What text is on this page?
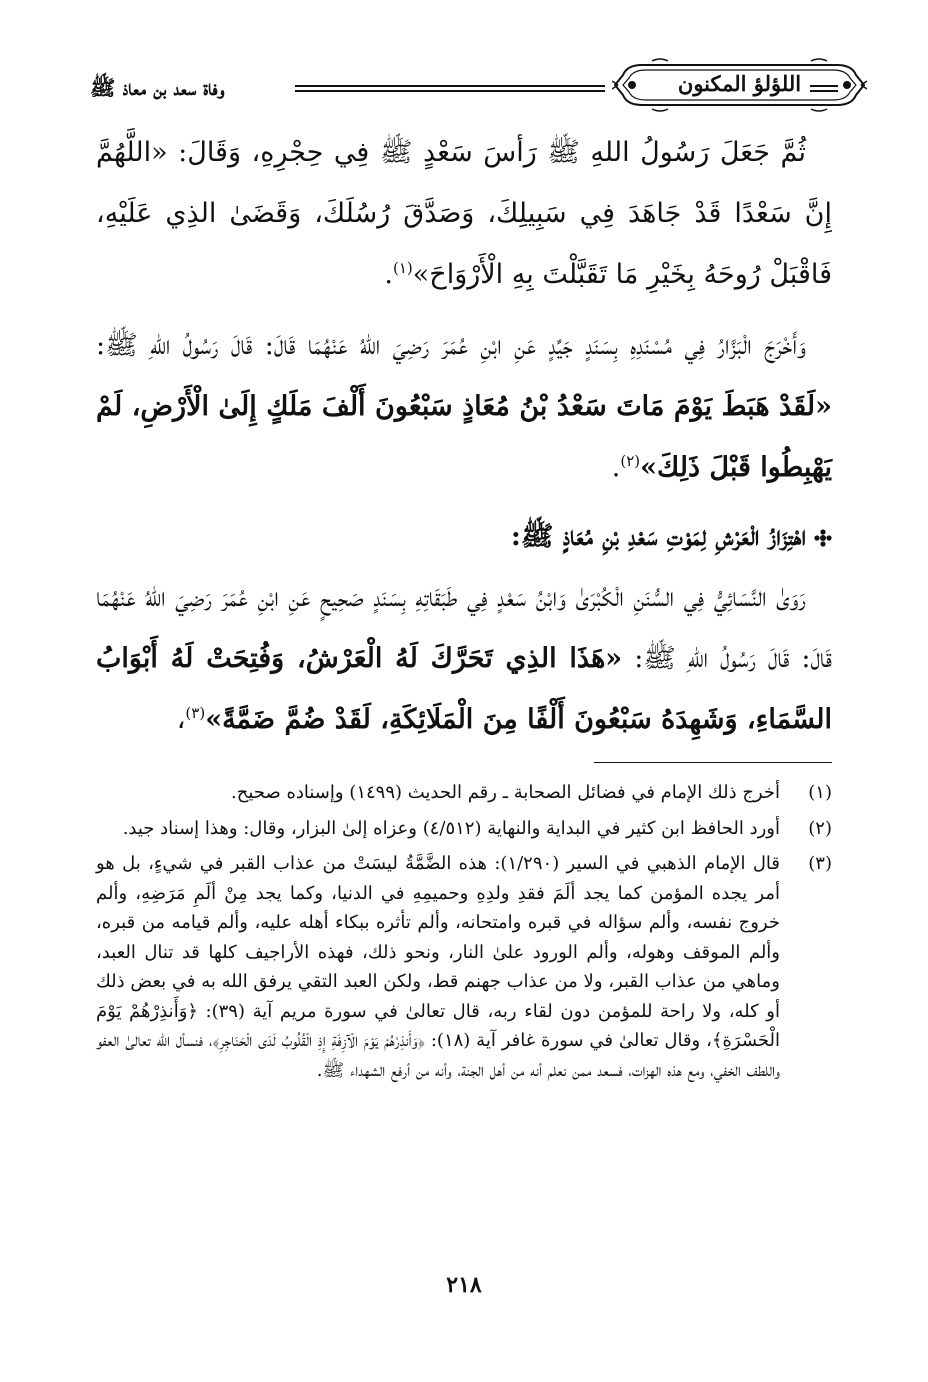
وفاة سعد بن معاذ ﷺ	اللؤلؤ المكنون

ثُمَّ جَعَلَ رَسُولُ اللهِ ﷺ رَأسَ سَعْدٍ ﷺ فِي حِجْرِهِ، وَقَالَ: «اللَّهُمَّ إِنَّ سَعْدًا قَدْ جَاهَدَ فِي سَبِيلِكَ، وَصَدَّقَ رُسُلَكَ، وَقَضَىٰ الذِي عَلَيْهِ، فَاقْبَلْ رُوحَهُ بِخَيْرِ مَا تَقَبَّلْتَ بِهِ الْأَرْوَاحَ»$^{(١)}$.

وَأَخْرَجَ الْبَزَّارُ فِي مُسْنَدِهِ بِسَنَدٍ جَيِّدٍ عَنِ ابْنِ عُمَرَ رَضِيَ اللهُ عَنْهُمَا قَالَ: قَالَ رَسُولُ اللهِ ﷺ: «لَقَدْ هَبَطَ يَوْمَ مَاتَ سَعْدُ بْنُ مُعَاذٍ سَبْعُونَ أَلْفَ مَلَكٍ إِلَىٰ الْأَرْضِ، لَمْ يَهْبِطُوا قَبْلَ ذَلِكَ»$^{(٢)}$.

اهْتِزَازُ الْعَرْشِ لِمَوْتِ سَعْدِ بْنِ مُعَاذٍ ﷺ:

رَوَىٰ النَّسَائِيُّ فِي السُّنَنِ الْكُبْرَىٰ وَابْنُ سَعْدٍ فِي طَبَقَاتِهِ بِسَنَدٍ صَحِيحٍ عَنِ ابْنِ عُمَرَ رَضِيَ اللهُ عَنْهُمَا قَالَ: قَالَ رَسُولُ اللهِ ﷺ: «هَذَا الذِي تَحَرَّكَ لَهُ الْعَرْشُ، وَفُتِحَتْ لَهُ أَبْوَابُ السَّمَاءِ، وَشَهِدَهُ سَبْعُونَ أَلْفًا مِنَ الْمَلَائِكَةِ، لَقَدْ ضُمَّ ضَمَّةً»$^{(٣)}$،

(١)
أخرج ذلك الإمام في فضائل الصحابة ـ رقم الحديث (١٤٩٩) وإسناده صحيح.
(٢)
أورد الحافظ ابن كثير في البداية والنهاية (٤/٥١٢) وعزاه إلىٰ البزار، وقال: وهذا إسناد جيد.
(٣)
قال الإمام الذهبي في السير (١/٢٩٠): هذه الضَّمَّةُ ليسَتْ من عذاب القبر في شيءٍ، بل هو أمر يجده المؤمن كما يجد ألَمَ فقدِ ولدِهِ وحميمِهِ في الدنيا، وكما يجد مِنْ ألَمِ مَرَضِهِ، وألم خروج نفسه، وألم سؤاله في قبره وامتحانه، وألم تأثره ببكاء أهله عليه، وألم قيامه من قبره، وألم الموقف وهوله، وألم الورود علىٰ النار، ونحو ذلك، فهذه الأراجيف كلها قد تنال العبد، وماهي من عذاب القبر، ولا من عذاب جهنم قط، ولكن العبد التقي يرفق الله به في بعض ذلك أو كله، ولا راحة للمؤمن دون لقاء ربه، قال تعالىٰ في سورة مريم آية (٣٩): ﴿وَأَنذِرْهُمْ يَوْمَ الْحَسْرَةِ﴾، وقال تعالىٰ في سورة غافر آية (١٨): ﴿وَأَنذِرْهُمْ يَوْمَ الْآزِفَةِ إِذِ الْقُلُوبُ لَدَى الْحَنَاجِرِ﴾، فنسأل الله تعالىٰ العفو واللطف الخفي، ومع هذه الهزات، فسعد ممن نعلم أنه من أهل الجنة، وأنه من أرفع الشهداء ﷺ.
٢١٨
